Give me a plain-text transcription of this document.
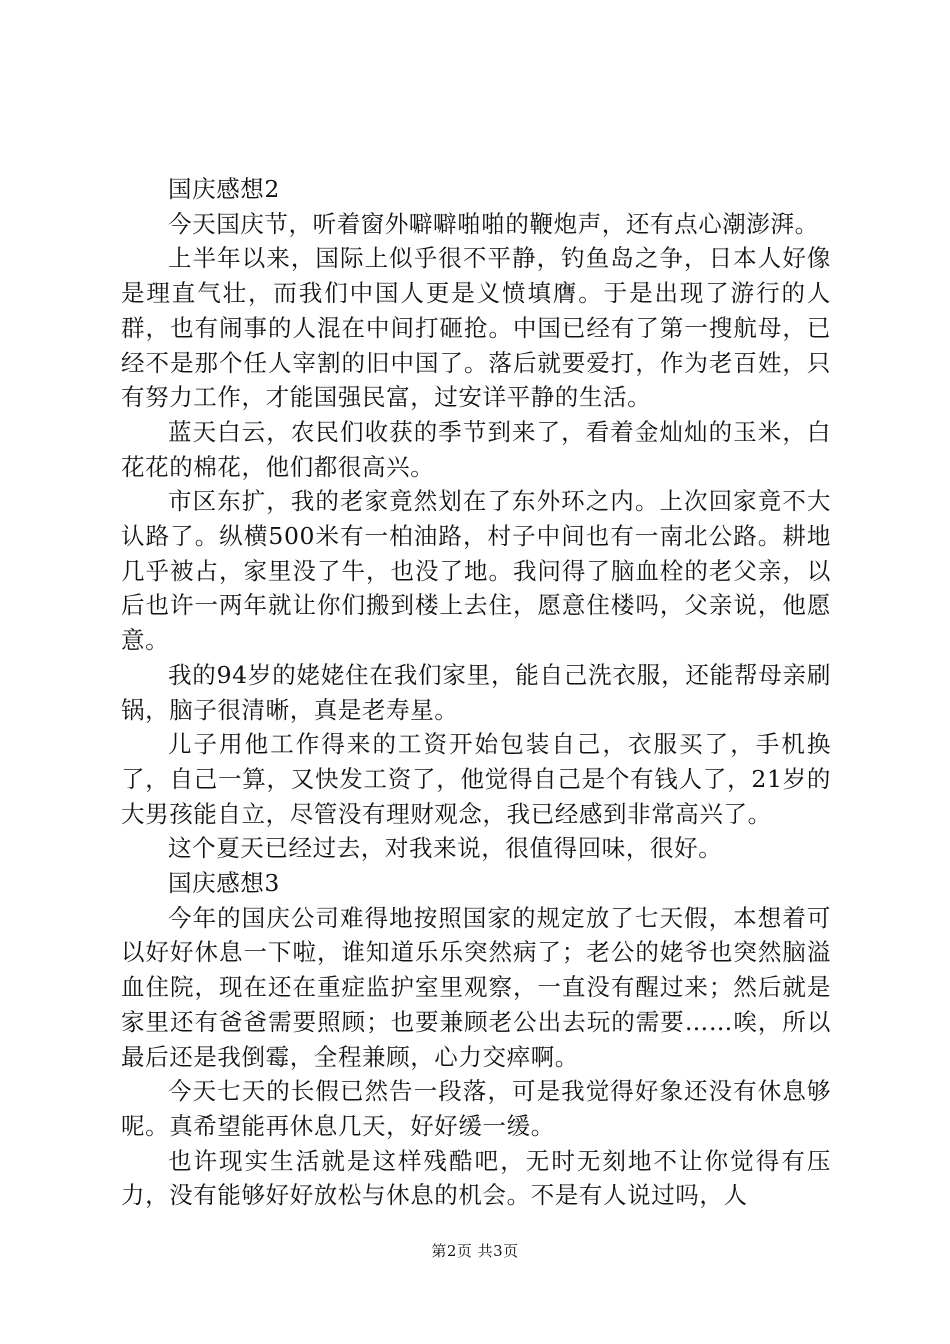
国庆感想2

今天国庆节，听着窗外噼噼啪啪的鞭炮声，还有点心潮澎湃。

上半年以来，国际上似乎很不平静，钓鱼岛之争，日本人好像是理直气壮，而我们中国人更是义愤填膺。于是出现了游行的人群，也有闹事的人混在中间打砸抢。中国已经有了第一搜航母，已经不是那个任人宰割的旧中国了。落后就要爱打，作为老百姓，只有努力工作，才能国强民富，过安详平静的生活。

蓝天白云，农民们收获的季节到来了，看着金灿灿的玉米，白花花的棉花，他们都很高兴。

市区东扩，我的老家竟然划在了东外环之内。上次回家竟不大认路了。纵横500米有一柏油路，村子中间也有一南北公路。耕地几乎被占，家里没了牛，也没了地。我问得了脑血栓的老父亲，以后也许一两年就让你们搬到楼上去住，愿意住楼吗，父亲说，他愿意。

我的94岁的姥姥住在我们家里，能自己洗衣服，还能帮母亲刷锅，脑子很清晰，真是老寿星。

儿子用他工作得来的工资开始包装自己，衣服买了，手机换了，自己一算，又快发工资了，他觉得自己是个有钱人了，21岁的大男孩能自立，尽管没有理财观念，我已经感到非常高兴了。

这个夏天已经过去，对我来说，很值得回味，很好。

国庆感想3

今年的国庆公司难得地按照国家的规定放了七天假，本想着可以好好休息一下啦，谁知道乐乐突然病了；老公的姥爷也突然脑溢血住院，现在还在重症监护室里观察，一直没有醒过来；然后就是家里还有爸爸需要照顾；也要兼顾老公出去玩的需要……唉，所以最后还是我倒霉，全程兼顾，心力交瘁啊。

今天七天的长假已然告一段落，可是我觉得好象还没有休息够呢。真希望能再休息几天，好好缓一缓。

也许现实生活就是这样残酷吧，无时无刻地不让你觉得有压力，没有能够好好放松与休息的机会。不是有人说过吗，人

第2页 共3页
